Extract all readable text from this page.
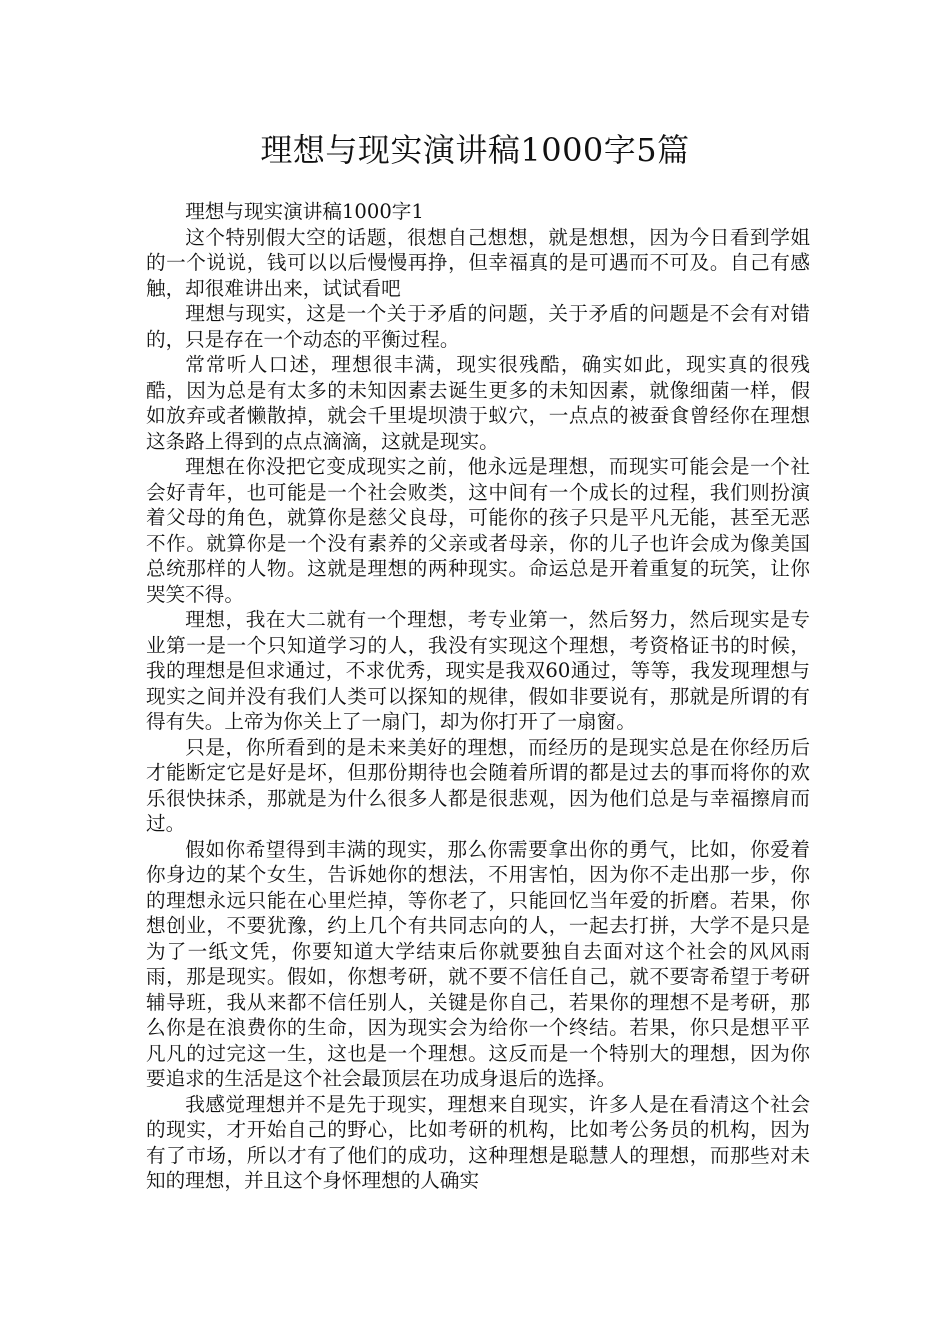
理想与现实演讲稿1000字5篇

理想与现实演讲稿1000字1

这个特别假大空的话题，很想自己想想，就是想想，因为今日看到学姐的一个说说，钱可以以后慢慢再挣，但幸福真的是可遇而不可及。自己有感触，却很难讲出来，试试看吧

理想与现实，这是一个关于矛盾的问题，关于矛盾的问题是不会有对错的，只是存在一个动态的平衡过程。

常常听人口述，理想很丰满，现实很残酷，确实如此，现实真的很残酷，因为总是有太多的未知因素去诞生更多的未知因素，就像细菌一样，假如放弃或者懒散掉，就会千里堤坝溃于蚁穴，一点点的被蚕食曾经你在理想这条路上得到的点点滴滴，这就是现实。

理想在你没把它变成现实之前，他永远是理想，而现实可能会是一个社会好青年，也可能是一个社会败类，这中间有一个成长的过程，我们则扮演着父母的角色，就算你是慈父良母，可能你的孩子只是平凡无能，甚至无恶不作。就算你是一个没有素养的父亲或者母亲，你的儿子也许会成为像美国总统那样的人物。这就是理想的两种现实。命运总是开着重复的玩笑，让你哭笑不得。

理想，我在大二就有一个理想，考专业第一，然后努力，然后现实是专业第一是一个只知道学习的人，我没有实现这个理想，考资格证书的时候，我的理想是但求通过，不求优秀，现实是我双60通过，等等，我发现理想与现实之间并没有我们人类可以探知的规律，假如非要说有，那就是所谓的有得有失。上帝为你关上了一扇门，却为你打开了一扇窗。

只是，你所看到的是未来美好的理想，而经历的是现实总是在你经历后才能断定它是好是坏，但那份期待也会随着所谓的都是过去的事而将你的欢乐很快抹杀，那就是为什么很多人都是很悲观，因为他们总是与幸福擦肩而过。

假如你希望得到丰满的现实，那么你需要拿出你的勇气，比如，你爱着你身边的某个女生，告诉她你的想法，不用害怕，因为你不走出那一步，你的理想永远只能在心里烂掉，等你老了，只能回忆当年爱的折磨。若果，你想创业，不要犹豫，约上几个有共同志向的人，一起去打拼，大学不是只是为了一纸文凭，你要知道大学结束后你就要独自去面对这个社会的风风雨雨，那是现实。假如，你想考研，就不要不信任自己，就不要寄希望于考研辅导班，我从来都不信任别人，关键是你自己，若果你的理想不是考研，那么你是在浪费你的生命，因为现实会为给你一个终结。若果，你只是想平平凡凡的过完这一生，这也是一个理想。这反而是一个特别大的理想，因为你要追求的生活是这个社会最顶层在功成身退后的选择。

我感觉理想并不是先于现实，理想来自现实，许多人是在看清这个社会的现实，才开始自己的野心，比如考研的机构，比如考公务员的机构，因为有了市场，所以才有了他们的成功，这种理想是聪慧人的理想，而那些对未知的理想，并且这个身怀理想的人确实
